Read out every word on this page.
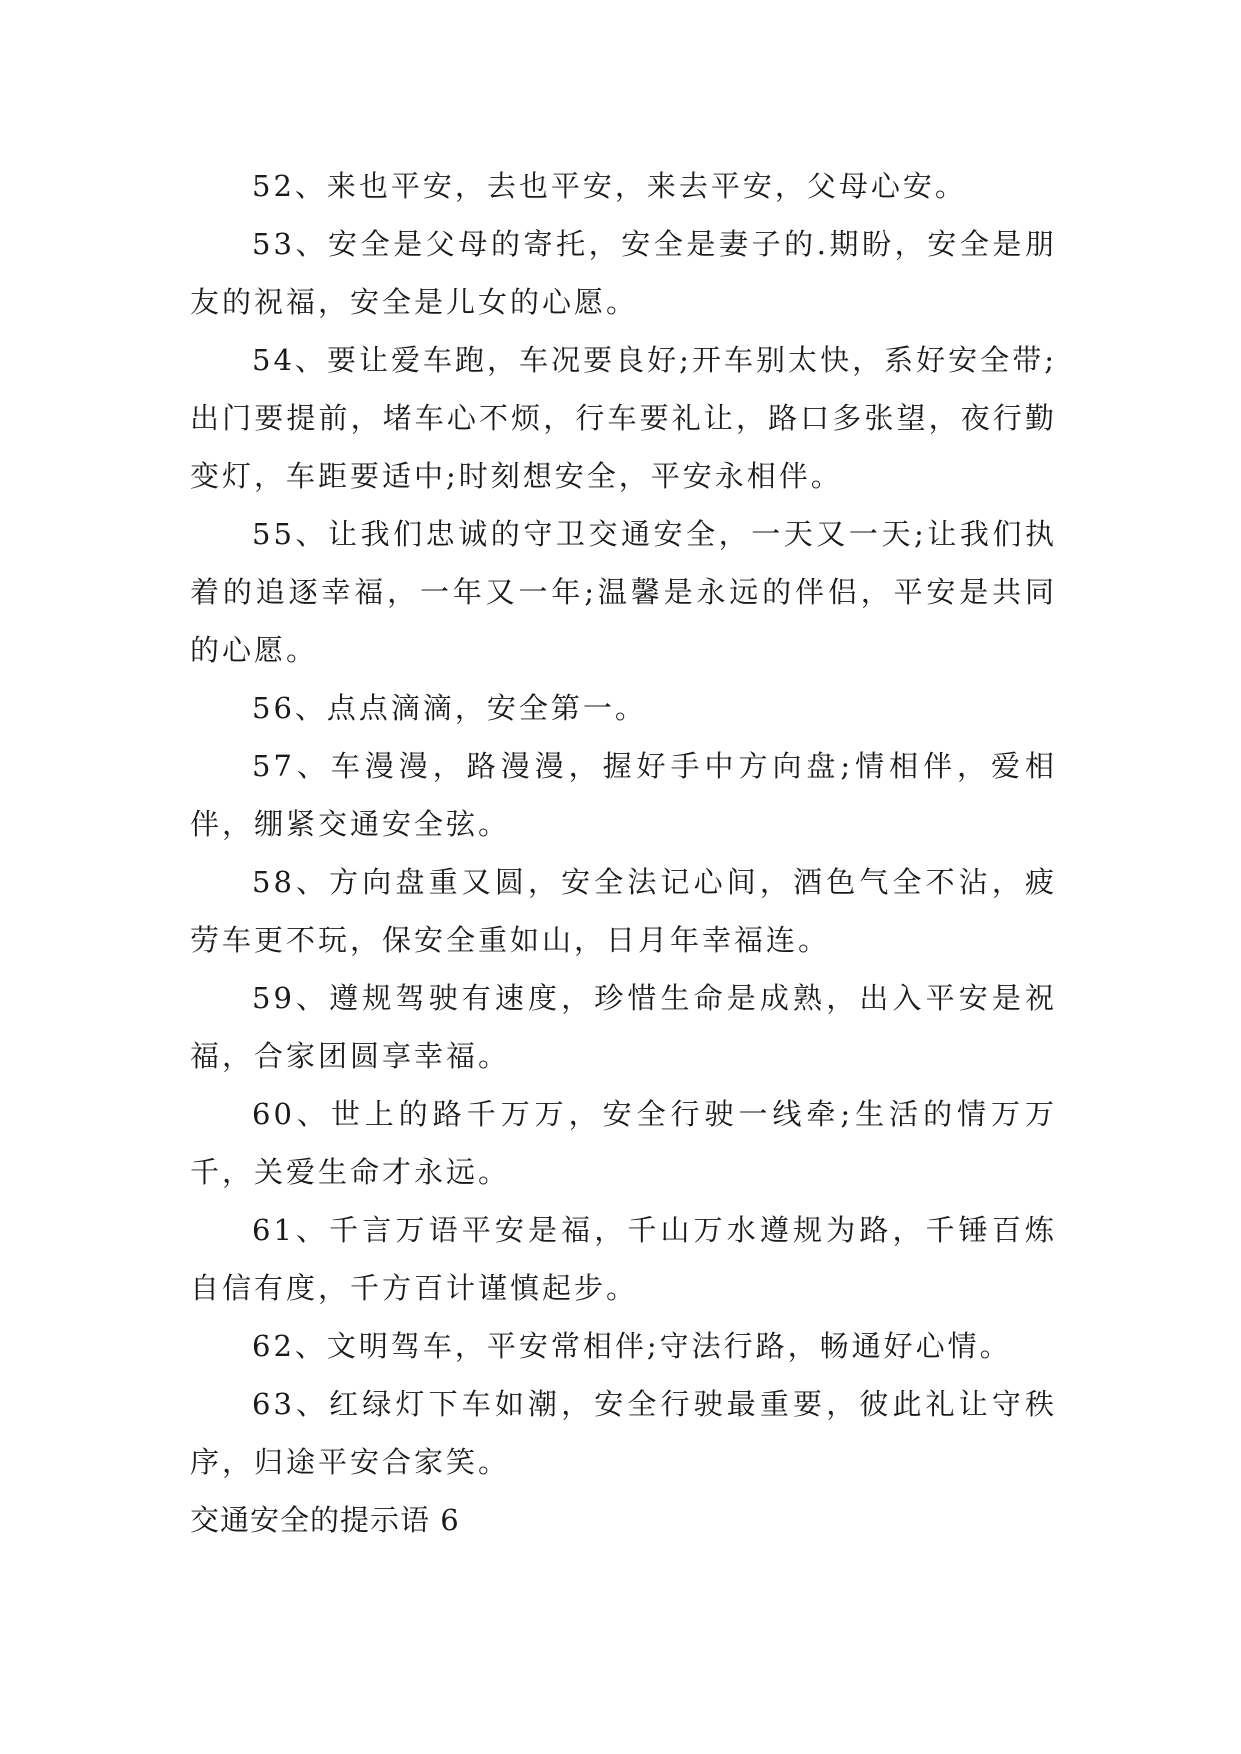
52、来也平安，去也平安，来去平安，父母心安。

53、安全是父母的寄托，安全是妻子的.期盼，安全是朋友的祝福，安全是儿女的心愿。

54、要让爱车跑，车况要良好;开车别太快，系好安全带;出门要提前，堵车心不烦，行车要礼让，路口多张望，夜行勤变灯，车距要适中;时刻想安全，平安永相伴。

55、让我们忠诚的守卫交通安全，一天又一天;让我们执着的追逐幸福，一年又一年;温馨是永远的伴侣，平安是共同的心愿。

56、点点滴滴，安全第一。

57、车漫漫，路漫漫，握好手中方向盘;情相伴，爱相伴，绷紧交通安全弦。

58、方向盘重又圆，安全法记心间，酒色气全不沾，疲劳车更不玩，保安全重如山，日月年幸福连。

59、遵规驾驶有速度，珍惜生命是成熟，出入平安是祝福，合家团圆享幸福。

60、世上的路千万万，安全行驶一线牵;生活的情万万千，关爱生命才永远。

61、千言万语平安是福，千山万水遵规为路，千锤百炼自信有度，千方百计谨慎起步。

62、文明驾车，平安常相伴;守法行路，畅通好心情。

63、红绿灯下车如潮，安全行驶最重要，彼此礼让守秩序，归途平安合家笑。

交通安全的提示语 6
